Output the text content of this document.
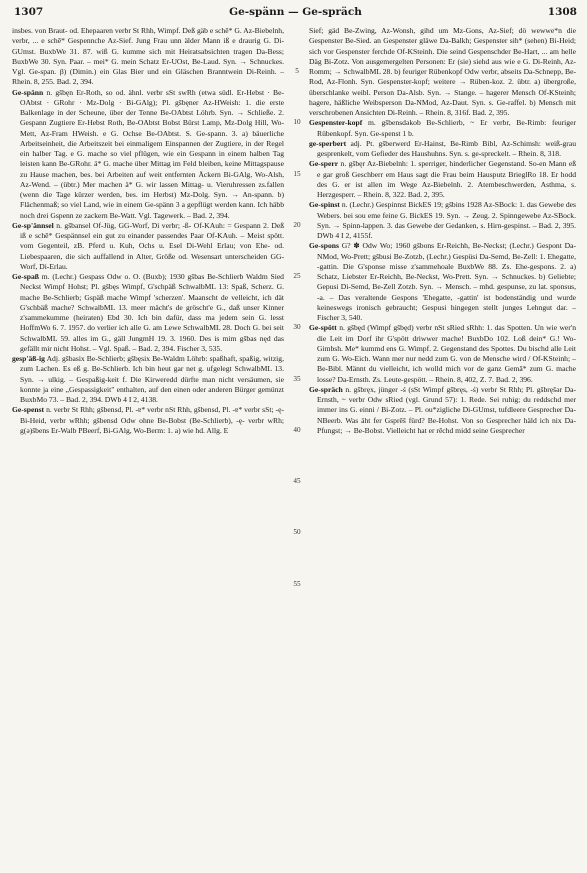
1307	Ge-spänn — Ge-spräch	1308

insbes. von Braut- od. Ehepaaren verbr St Rhh, Wimpf. Deß gäb e schē* G. Az-Biebelnh, verbr, ... e schē* Gespennche Az-Sief. Jung Frau unn älder Mann iß e draurig G. Di-GUmst. BuxbWe 31. 87. wiß G. kumme sich mit Heiratsabsichten tragen Da-Bess; BuxbWe 30. Syn. Paar. – mei* G. mein Schatz Er-UOst, Be-Laud. Syn. → Schnuckes. Vgl. Ge-span. β) (Dimin.) ein Glas Bier und ein Gläschen Branntwein Di-Reinh. – Rhein. 8, 255. Bad. 2, 394.

Ge-spänn n. gšbęn Er-Roth, so od. ähnl. verbr sSt swRh (etwa südl. Er-Hebst · Be-OAbtst · GRohr · Mz-Dolg · Bi-GAlg); Pl. gšbęner Az-HWeish: 1. die erste Balkenlage in der Scheune, über der Tenne Be-OAbtst Löhrb. Syn. → Schließe. 2. Gespann Zugtiere Er-Hebst Roth, Be-OAbtst Bobst Bürst Lamp, Mz-Dolg Hill, Wo-Mett, Az-Fram HWeish. e G. Ochse Be-OAbtst. S. Ge-spann. 3. a) bäuerliche Arbeitseinheit, die Arbeitszeit bei einmaligem Einspannen der Zugtiere, in der Regel ein halber Tag. e G. mache so viel pflügen, wie ein Gespann in einem halben Tag leisten kann Be-GRohr. ä* G. mache über Mittag im Feld bleiben, keine Mittagspause zu Hause machen, bes. bei Arbeiten auf weit entfernten Äckern Bi-GAlg, Wo-Alsh, Az-Wend. – (übtr.) Mer machen ä* G. wir lassen Mittag- u. Vieruhressen zs.fallen (wenn die Tage kürzer werden, bes. im Herbst) Mz-Dolg. Syn. → An-spann. b) Flächenmaß; so viel Land, wie in einem Ge-spänn 3 a gepflügt werden kann. Ich häbb noch drei Gspenn ze zackern Be-Watt. Vgl. Tagewerk. – Bad. 2, 394.

Ge-sp'ännsel n. gšbansel Of-Jüg, GG-Worf, Di verbr; -ß- Of-KAuh: = Gespann 2. Deß iß e schē* Gespännsel ein gut zu einander passendes Paar Of-KAuh. – Meist spött. vom Gegenteil, zB. Pferd u. Kuh, Ochs u. Esel Di-Wehl Erlau; von Ehe- od. Liebespaaren, die sich auffallend in Alter, Größe od. Wesensart unterscheiden GG-Worf, Di-Erlau.

Ge-spaß m. (Lechr.) Gespass Odw o. O. (Buxb); 1930 gšbas Be-Schlierb Waldm Sied Neckst Wimpf Hohst; Pl. gšbęs Wimpf, G'schpäß SchwalbML 13: Spaß, Scherz. G. mache Be-Schlierb; Gspäß mache Wimpf 'scherzen'. Maanscht de velleicht, ich dät G'schbäß mache? SchwalbML 13. meer mächt's de gröscht'e G., daß unser Kinner z'sammekumme (heiraten) Ebd 30. Ich bin dafür, dass ma jedem sein G. lesst HoffmWo 6. 7. 1957. do verlier ich alle G. am Lewe SchwalbML 28. Doch G. bei seit SchwalbML 59. alles im G., gäll JungmH 19. 3. 1960. Des is mim gšbas nęd das gefällt mir nicht Hohst. – Vgl. Spaß. – Bad. 2, 394. Fischer 3, 535.

gesp'äß-ig Adj. gšbasix Be-Schlierb; gšbęsix Be-Waldm Löhrb: spaßhaft, spaßig, witzig, zum Lachen. Es eß g. Be-Schlierb. Ich bin heut gar net g. ufgelegt SchwalbML 13. Syn. → ulkig. – Gespaßig-keit f. Die Kirweredd dürfte man nicht versäumen, sie konnte ja eine „Gespassigkeit" enthalten, auf den einen oder anderen Bürger gemünzt BuxbMo 73. – Bad. 2, 394. DWb 4 I 2, 4138.

Ge-spenst n. verbr St Rhh; gšbensd, Pl. -ɐ* verbr nSt Rhh, gšbensd, Pl. -ɐ* verbr sSt; -ę- Bi-Heid, verbr wRhh; gšbensd Odw ohne Be-Bobst (Be-Schlierb), -ę- verbr wRh; g(ə)šbens Er-Walb PBeerf, Bi-GAlg, Wo-Berm: 1. a) wie hd. Allg. E

5
10
15
20
25
30
35
40
45
50
55

Sief; gäd Be-Zwing, Az-Wonsh, gihd um Mz-Gons, Az-Sief; dö wewwe*n die Gespenster Be-Sied. an Gespenster gläwe Da-Balkh; Gespenster sih* (sehen) Bi-Heid; sich vor Gespenster ferchde Of-KSteinh. Die seind Gespenschder Be-Hart, ... am helle Däg Bi-Zotz. Von ausgemergelten Personen: Er (sie) siehd aus wie e G. Di-Reinh, Az-Romm; → SchwalbML 28. b) feuriger Rübenkopf Odw verbr, abseits Da-Schnepp, Be-Rod, Az-Flonh. Syn. Gespenster-kopf; weitere → Rüben-koz. 2. übtr. a) übergroße, überschlanke weibl. Person Da-Alsb. Syn. → Stange. – hagerer Mensch Of-KSteinh; hagere, häßliche Weibsperson Da-NMod, Az-Daut. Syn. s. Ge-raffel. b) Mensch mit verschrobenen Ansichten Di-Reinh. – Rhein. 8, 316f. Bad. 2, 395.

Gespenster-kopf m. gšbensdəkob Be-Schlierb, ~ Er verbr, Be-Rimb: feuriger Rübenkopf. Syn. Ge-spenst 1 b.

ge-sperbert adj. Pt. gšberwerd Er-Hainst, Be-Rimb Bibl, Az-Schimsh: weiß-grau gesprenkelt, vom Gefieder des Haushuhns. Syn. s. ge-spreckelt. – Rhein. 8, 318.

Ge-sperr n. gšbęr Az-Biebelnh: 1. sperriger, hinderlicher Gegenstand. So-en Mann eß e gar groß Geschberr em Haus sagt die Frau beim Hausputz BrieglRo 18. Er hodd des G. er ist allen im Wege Az-Biebelnh. 2. Atembeschwerden, Asthma, s. Herzgesperr. – Rhein. 8, 322. Bad. 2, 395.

Ge-spinst n. (Lechr.) Gespinnst BickES 19; gšbins 1928 Az-SBock: 1. das Gewebe des Webers. bei sou eme feine G. BickES 19. Syn. → Zeug. 2. Spinngewebe Az-SBock. Syn. → Spinn-lappen. 3. das Gewebe der Gedanken, s. Hirn-gespinst. – Bad. 2, 395. DWb 4 I 2, 4155f.

Ge-spons G? ✽ Odw Wo; 1960 gšbons Er-Reichh, Be-Neckst; (Lechr.) Gespont Da-NMod, Wo-Prett; gšbusi Be-Zotzb, (Lechr.) Gespüsi Da-Semd, Be-Zell: 1. Ehegatte, -gattin. Die G'sponse misse z'sammehoale BuxbWe 88. Zs. Ehe-gespons. 2. a) Schatz, Liebster Er-Reichh, Be-Neckst, Wo-Prett. Syn. → Schnuckes. b) Geliebte; Gepusi Di-Semd, Be-Zell Zotzb. Syn. → Mensch. – mhd. gespunse, zu lat. sponsus, -a. – Das veraltende Gespons 'Ehegatte, -gattin' ist bodenständig und wurde keineswegs ironisch gebraucht; Gespusi hingegen stellt junges Lehngut dar. – Fischer 3, 540.

Ge-spött n. gšbęd (Wimpf gšbęd) verbr nSt sRied sRhh: 1. das Spotten. Un wie wer'n die Leit im Dorf ihr G'spött driwwer mache! BuxbDo 102. Loß dein* G.! Wo-Gimbsh. Me* kummd ens G. Wimpf. 2. Gegenstand des Spottes. Du bischd alle Leit zum G. Wo-Eich. Wann mer nur nedd zum G. von de Mensche wird / Of-KSteinh; – Be-Bibl. Männt du vielleicht, ich wolld mich vor de ganz Gemā* zum G. mache losse? Da-Ernsth. Zs. Leute-gespött. – Rhein. 8, 402, Z. 7. Bad. 2, 396.

Ge-spräch n. gšbręx, jünger -ś (sSt Wimpf gšbręs, -ś) verbr St Rhh; Pl. gšbręšər Da-Ernsth, ~ verbr Odw sRied (vgl. Grund 57): 1. Rede. Sei ruhig; du reddschd mer immer ins G. einni / Bi-Zotz. – Pl. ou*zigliche Di-GUmst, tufdleere Gesprecher Da-NBeerb. Was äht fer Gsprēš fürd? Be-Hohst. Von so Gesprecher häld ich nix Da-Pfungst; → Be-Bobst. Vielleicht hat er rēchd midd seine Gesprecher
